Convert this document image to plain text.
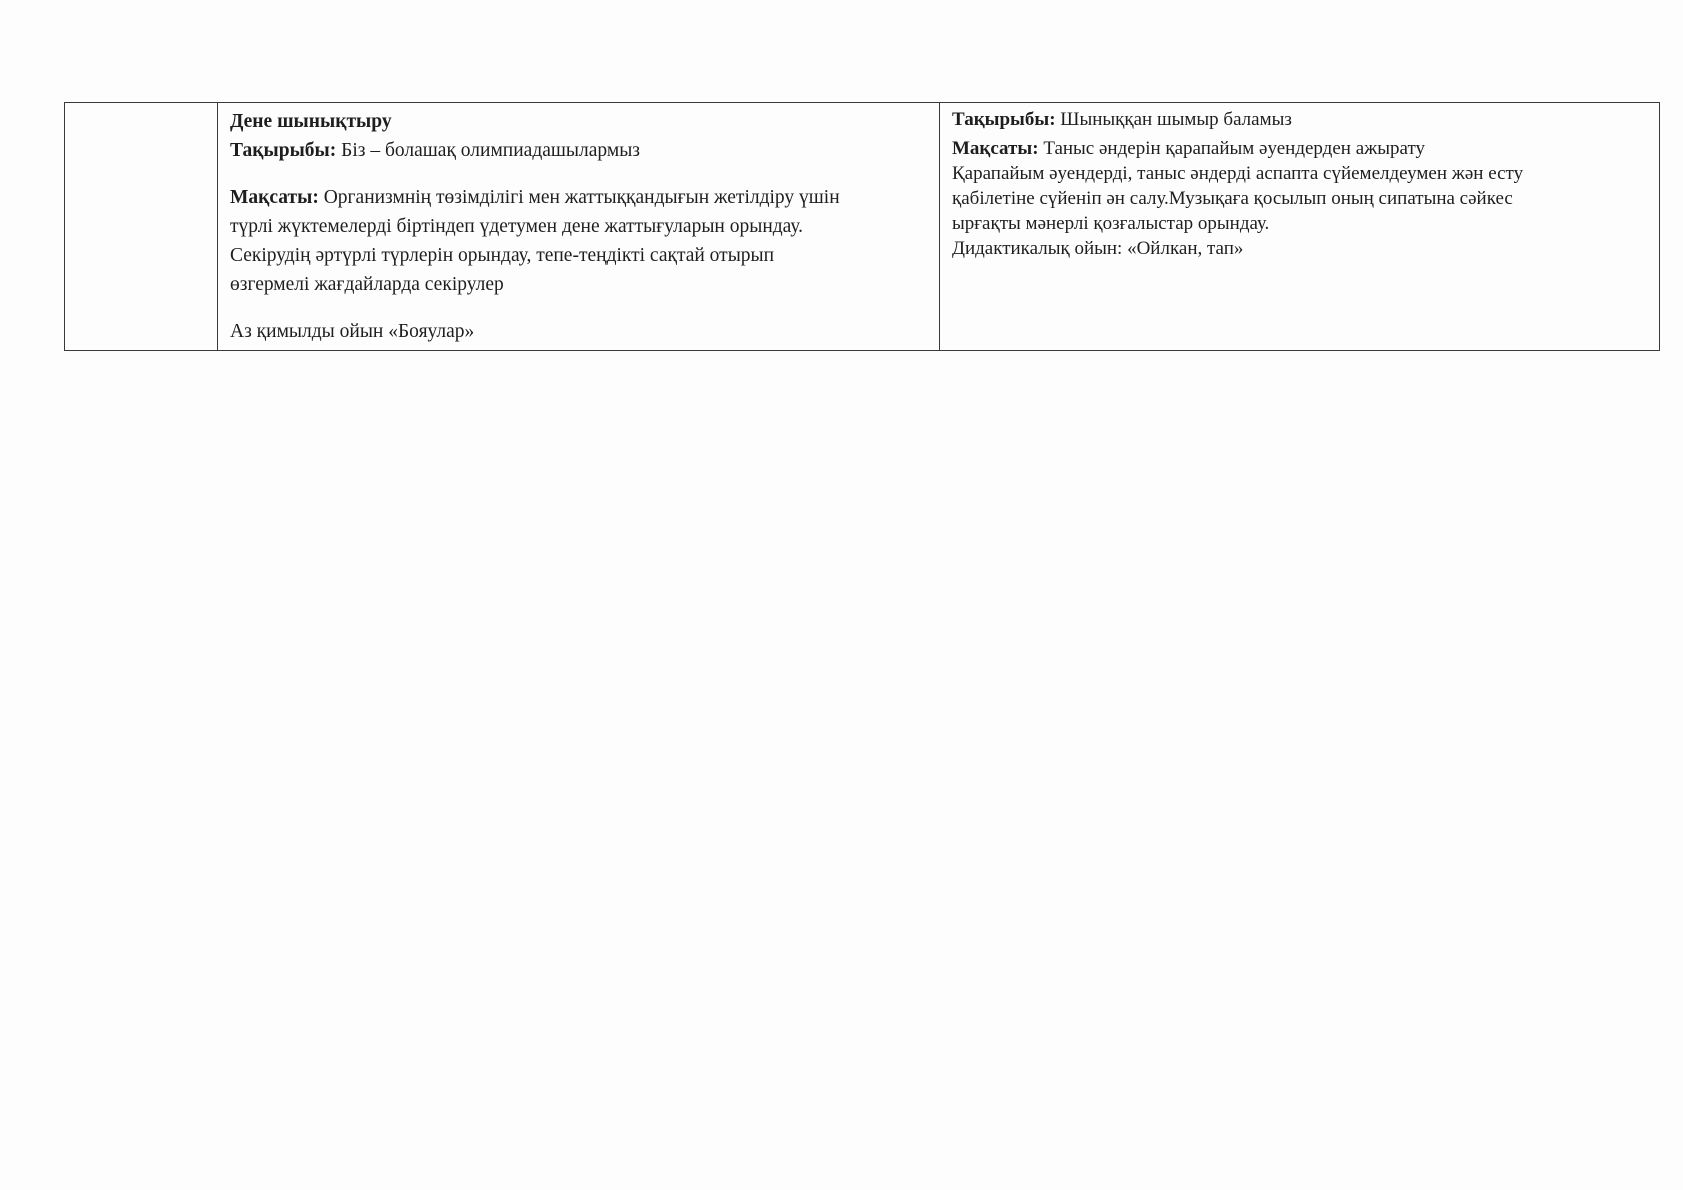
Дене шынықтыру
Тақырыбы: Біз – болашақ олимпиадашылармыз
Мақсаты: Организмнің төзімділігі мен жаттыққандығын жетілдіру үшін
түрлі жүктемелерді біртіндеп үдетумен дене жаттығуларын орындау.
Секірудің әртүрлі түрлерін орындау, тепе-теңдікті сақтай отырып
өзгермелі жағдайларда секірулер
Аз қимылды ойын «Бояулар»

Тақырыбы: Шыныққан шымыр баламыз
Мақсаты: Таныс әндерін қарапайым әуендерден ажырату
Қарапайым әуендерді, таныс әндерді аспапта сүйемелдеумен жән есту
қабілетіне сүйеніп ән салу.Музықаға қосылып оның сипатына сәйкес
ырғақты мәнерлі қозғалыстар орындау.
Дидактикалық ойын: «Ойлкан, тап»
